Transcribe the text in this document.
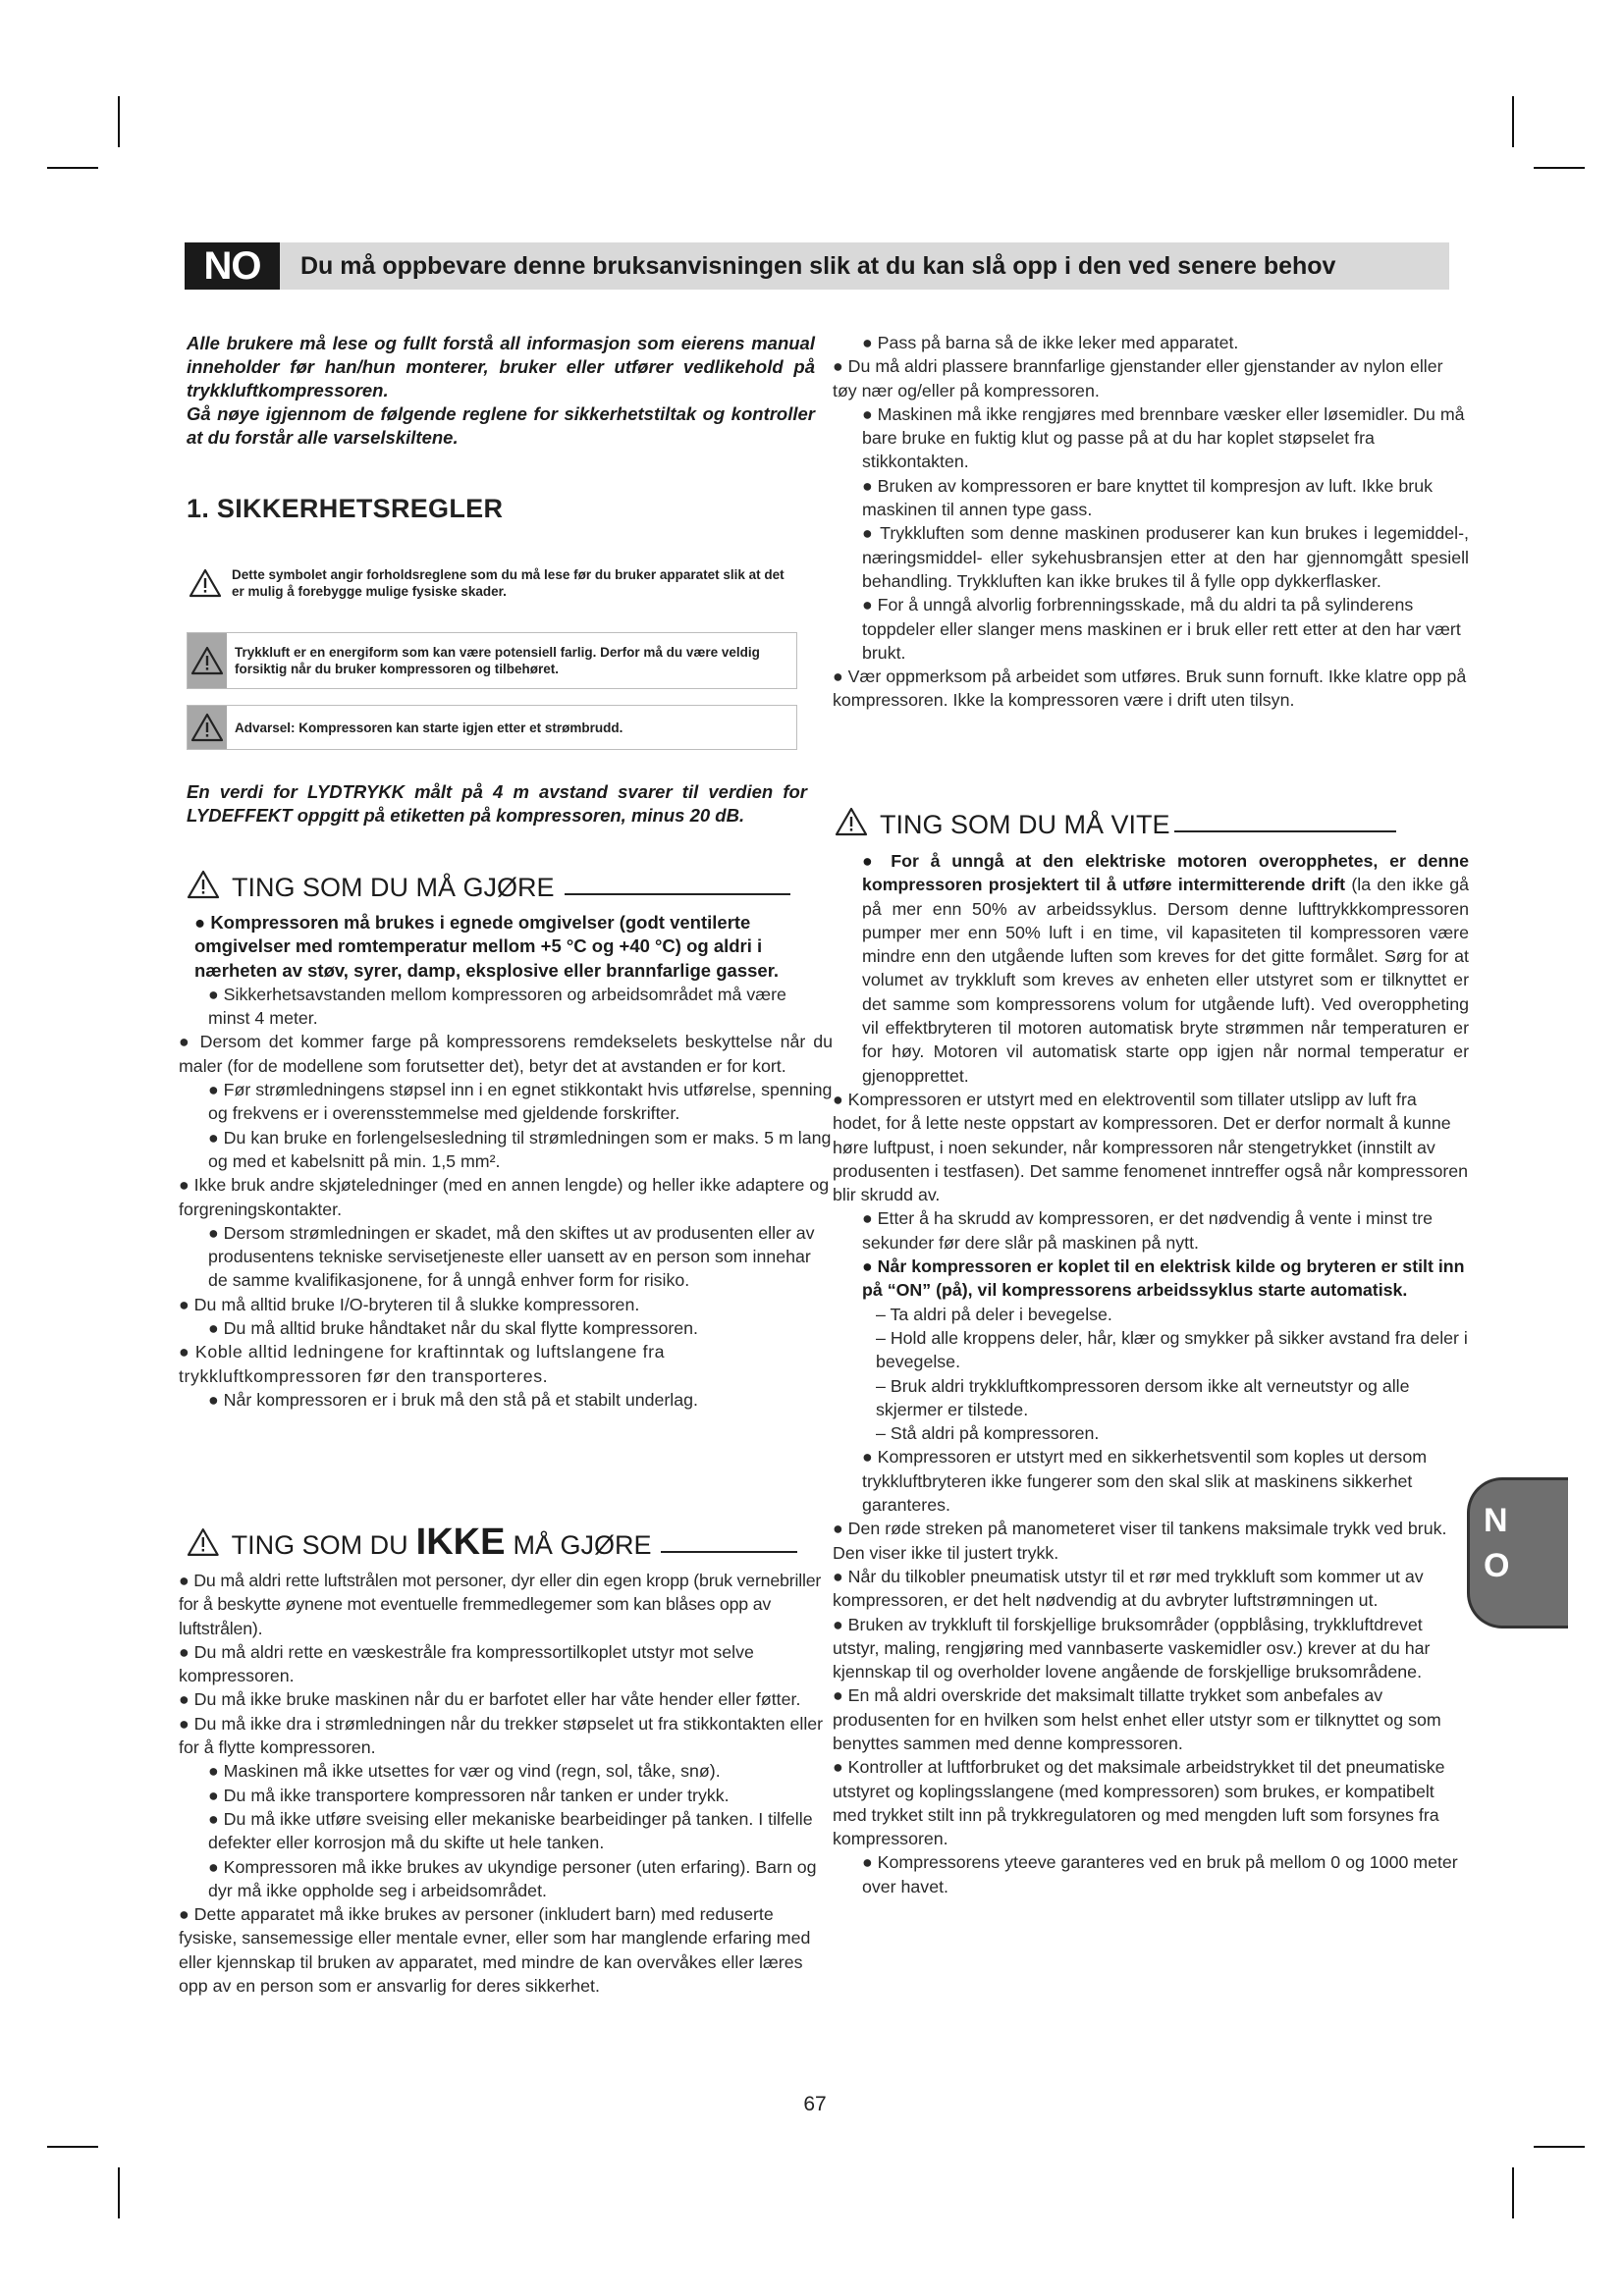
NO	Du må oppbevare denne bruksanvisningen slik at du kan slå opp i den ved senere behov

Alle brukere må lese og fullt forstå all informasjon som eierens manual inneholder før han/hun monterer, bruker eller utfører vedlikehold på trykkluftkompressoren.

Gå nøye igjennom de følgende reglene for sikkerhetstiltak og kontroller at du forstår alle varselskiltene.

1. SIKKERHETSREGLER
Dette symbolet angir forholdsreglene som du må lese før du bruker apparatet slik at det er mulig å forebygge mulige fysiske skader.
Trykkluft er en energiform som kan være potensiell farlig. Derfor må du være veldig forsiktig når du bruker kompressoren og tilbehøret.
Advarsel: Kompressoren kan starte igjen etter et strømbrudd.
En verdi for LYDTRYKK målt på 4 m avstand svarer til verdien for LYDEFFEKT oppgitt på etiketten på kompressoren, minus 20 dB.
TING SOM DU MÅ GJØRE

● Kompressoren må brukes i egnede omgivelser (godt ventilerte omgivelser med romtemperatur mellom +5 °C og +40 °C) og aldri i nærheten av støv, syrer, damp, eksplosive eller brannfarlige gasser.

● Sikkerhetsavstanden mellom kompressoren og arbeidsområdet må være minst 4 meter.

● Dersom det kommer farge på kompressorens remdekselets beskyttelse når du maler (for de modellene som forutsetter det), betyr det at avstanden er for kort.

● Før strømledningens støpsel inn i en egnet stikkontakt hvis utførelse, spenning og frekvens er i overensstemmelse med gjeldende forskrifter.

● Du kan bruke en forlengelsesledning til strømledningen som er maks. 5 m lang og med et kabelsnitt på min. 1,5 mm².

● Ikke bruk andre skjøteledninger (med en annen lengde) og heller ikke adaptere og forgreningskontakter.

● Dersom strømledningen er skadet, må den skiftes ut av produsenten eller av produsentens tekniske servisetjeneste eller uansett av en person som innehar de samme kvalifikasjonene, for å unngå enhver form for risiko.

● Du må alltid bruke I/O-bryteren til å slukke kompressoren.

● Du må alltid bruke håndtaket når du skal flytte kompressoren.

● Koble alltid ledningene for kraftinntak og luftslangene fra trykkluftkompressoren før den transporteres.

● Når kompressoren er i bruk må den stå på et stabilt underlag.

TING SOM DU IKKE MÅ GJØRE

● Du må aldri rette luftstrålen mot personer, dyr eller din egen kropp (bruk vernebriller for å beskytte øynene mot eventuelle fremmedlegemer som kan blåses opp av luftstrålen).

● Du må aldri rette en væskestråle fra kompressortilkoplet utstyr mot selve kompressoren.

● Du må ikke bruke maskinen når du er barfotet eller har våte hender eller føtter.

● Du må ikke dra i strømledningen når du trekker støpselet ut fra stikkontakten eller for å flytte kompressoren.

● Maskinen må ikke utsettes for vær og vind (regn, sol, tåke, snø).

● Du må ikke transportere kompressoren når tanken er under trykk.

● Du må ikke utføre sveising eller mekaniske bearbeidinger på tanken. I tilfelle defekter eller korrosjon må du skifte ut hele tanken.

● Kompressoren må ikke brukes av ukyndige personer (uten erfaring). Barn og dyr må ikke oppholde seg i arbeidsområdet.

● Dette apparatet må ikke brukes av personer (inkludert barn) med reduserte fysiske, sansemessige eller mentale evner, eller som har manglende erfaring med eller kjennskap til bruken av apparatet, med mindre de kan overvåkes eller læres opp av en person som er ansvarlig for deres sikkerhet.

● Pass på barna så de ikke leker med apparatet.

● Du må aldri plassere brannfarlige gjenstander eller gjenstander av nylon eller tøy nær og/eller på kompressoren.

● Maskinen må ikke rengjøres med brennbare væsker eller løsemidler. Du må bare bruke en fuktig klut og passe på at du har koplet støpselet fra stikkontakten.

● Bruken av kompressoren er bare knyttet til kompresjon av luft. Ikke bruk maskinen til annen type gass.

● Trykkluften som denne maskinen produserer kan kun brukes i legemiddel-, næringsmiddel- eller sykehusbransjen etter at den har gjennomgått spesiell behandling. Trykkluften kan ikke brukes til å fylle opp dykkerflasker.

● For å unngå alvorlig forbrenningsskade, må du aldri ta på sylinderens toppdeler eller slanger mens maskinen er i bruk eller rett etter at den har vært brukt.

● Vær oppmerksom på arbeidet som utføres. Bruk sunn fornuft. Ikke klatre opp på kompressoren. Ikke la kompressoren være i drift uten tilsyn.

TING SOM DU MÅ VITE

● For å unngå at den elektriske motoren overopphetes, er denne kompressoren prosjektert til å utføre intermitterende drift (la den ikke gå på mer enn 50% av arbeidssyklus. Dersom denne lufttrykkkompressoren pumper mer enn 50% luft i en time, vil kapasiteten til kompressoren være mindre enn den utgående luften som kreves for det gitte formålet. Sørg for at volumet av trykkluft som kreves av enheten eller utstyret som er tilknyttet er det samme som kompressorens volum for utgående luft). Ved overoppheting vil effektbryteren til motoren automatisk bryte strømmen når temperaturen er for høy. Motoren vil automatisk starte opp igjen når normal temperatur er gjenopprettet.

● Kompressoren er utstyrt med en elektroventil som tillater utslipp av luft fra hodet, for å lette neste oppstart av kompressoren. Det er derfor normalt å kunne høre luftpust, i noen sekunder, når kompressoren når stengetrykket (innstilt av produsenten i testfasen). Det samme fenomenet inntreffer også når kompressoren blir skrudd av.

● Etter å ha skrudd av kompressoren, er det nødvendig å vente i minst tre sekunder før dere slår på maskinen på nytt.

● Når kompressoren er koplet til en elektrisk kilde og bryteren er stilt inn på “ON” (på), vil kompressorens arbeidssyklus starte automatisk.

– Ta aldri på deler i bevegelse.

– Hold alle kroppens deler, hår, klær og smykker på sikker avstand fra deler i bevegelse.

– Bruk aldri trykkluftkompressoren dersom ikke alt verneutstyr og alle skjermer er tilstede.

– Stå aldri på kompressoren.

● Kompressoren er utstyrt med en sikkerhetsventil som koples ut dersom trykkluftbryteren ikke fungerer som den skal slik at maskinens sikkerhet garanteres.

● Den røde streken på manometeret viser til tankens maksimale trykk ved bruk. Den viser ikke til justert trykk.

● Når du tilkobler pneumatisk utstyr til et rør med trykkluft som kommer ut av kompressoren, er det helt nødvendig at du avbryter luftstrømningen ut.

● Bruken av trykkluft til forskjellige bruksområder (oppblåsing, trykkluftdrevet utstyr, maling, rengjøring med vannbaserte vaskemidler osv.) krever at du har kjennskap til og overholder lovene angående de forskjellige bruksområdene.

● En må aldri overskride det maksimalt tillatte trykket som anbefales av produsenten for en hvilken som helst enhet eller utstyr som er tilknyttet og som benyttes sammen med denne kompressoren.

● Kontroller at luftforbruket og det maksimale arbeidstrykket til det pneumatiske utstyret og koplingsslangene (med kompressoren) som brukes, er kompatibelt med trykket stilt inn på trykkregulatoren og med mengden luft som forsynes fra kompressoren.

● Kompressorens yteeve garanteres ved en bruk på mellom 0 og 1000 meter over havet.

N
O
67
